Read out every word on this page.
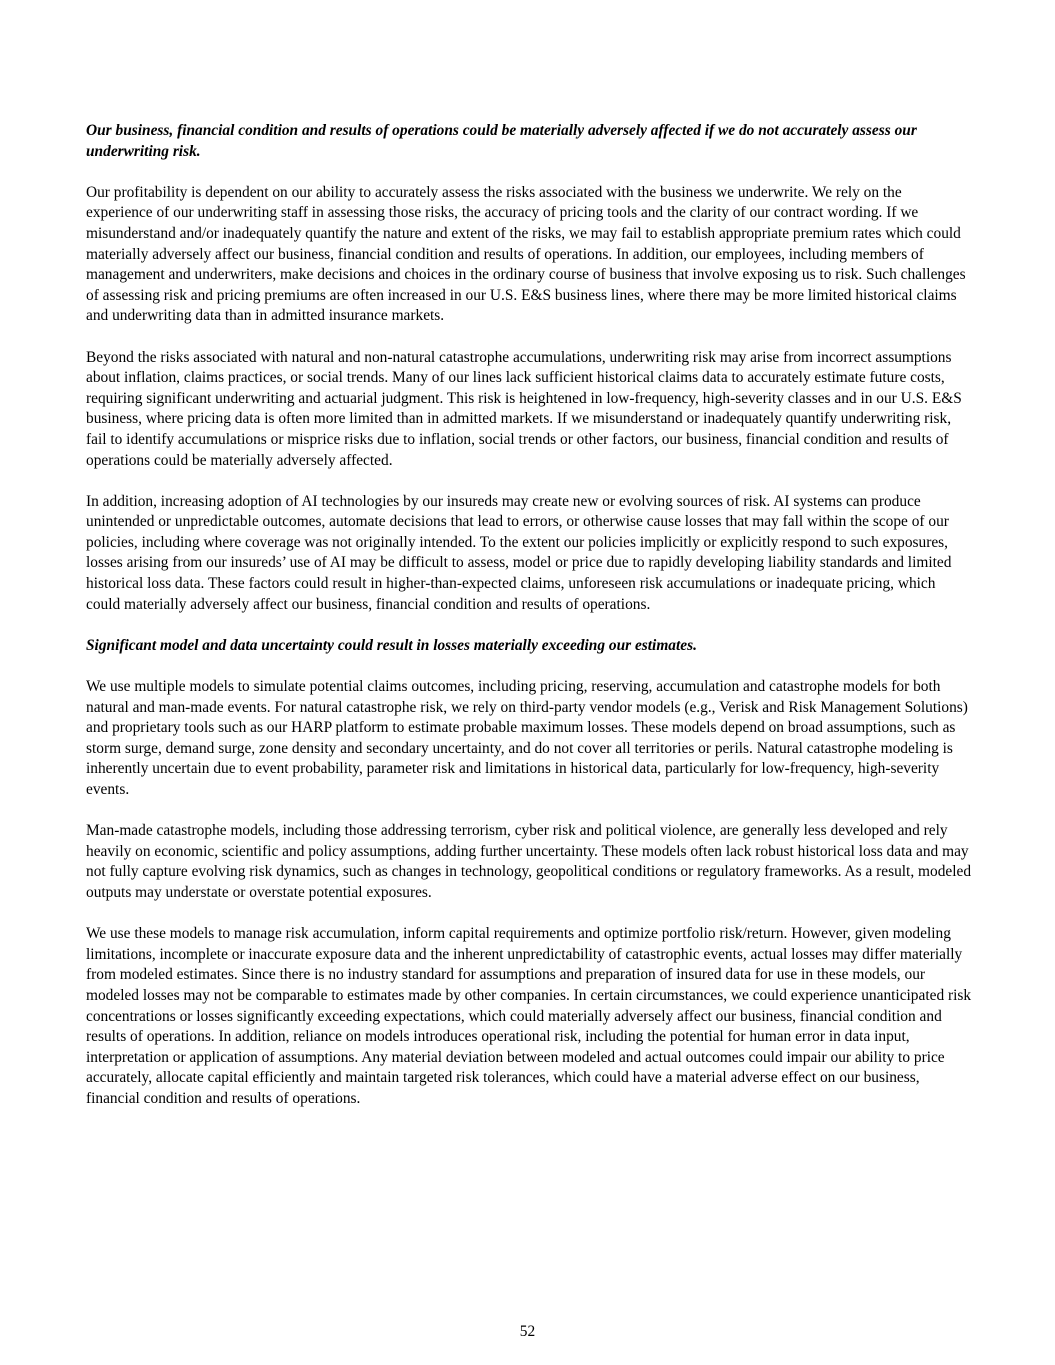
Our business, financial condition and results of operations could be materially adversely affected if we do not accurately assess our underwriting risk.

Our profitability is dependent on our ability to accurately assess the risks associated with the business we underwrite. We rely on the experience of our underwriting staff in assessing those risks, the accuracy of pricing tools and the clarity of our contract wording. If we misunderstand and/or inadequately quantify the nature and extent of the risks, we may fail to establish appropriate premium rates which could materially adversely affect our business, financial condition and results of operations. In addition, our employees, including members of management and underwriters, make decisions and choices in the ordinary course of business that involve exposing us to risk. Such challenges of assessing risk and pricing premiums are often increased in our U.S. E&S business lines, where there may be more limited historical claims and underwriting data than in admitted insurance markets.

Beyond the risks associated with natural and non-natural catastrophe accumulations, underwriting risk may arise from incorrect assumptions about inflation, claims practices, or social trends. Many of our lines lack sufficient historical claims data to accurately estimate future costs, requiring significant underwriting and actuarial judgment. This risk is heightened in low-frequency, high-severity classes and in our U.S. E&S business, where pricing data is often more limited than in admitted markets. If we misunderstand or inadequately quantify underwriting risk, fail to identify accumulations or misprice risks due to inflation, social trends or other factors, our business, financial condition and results of operations could be materially adversely affected.

In addition, increasing adoption of AI technologies by our insureds may create new or evolving sources of risk. AI systems can produce unintended or unpredictable outcomes, automate decisions that lead to errors, or otherwise cause losses that may fall within the scope of our policies, including where coverage was not originally intended. To the extent our policies implicitly or explicitly respond to such exposures, losses arising from our insureds’ use of AI may be difficult to assess, model or price due to rapidly developing liability standards and limited historical loss data. These factors could result in higher-than-expected claims, unforeseen risk accumulations or inadequate pricing, which could materially adversely affect our business, financial condition and results of operations.

Significant model and data uncertainty could result in losses materially exceeding our estimates.

We use multiple models to simulate potential claims outcomes, including pricing, reserving, accumulation and catastrophe models for both natural and man-made events. For natural catastrophe risk, we rely on third-party vendor models (e.g., Verisk and Risk Management Solutions) and proprietary tools such as our HARP platform to estimate probable maximum losses. These models depend on broad assumptions, such as storm surge, demand surge, zone density and secondary uncertainty, and do not cover all territories or perils. Natural catastrophe modeling is inherently uncertain due to event probability, parameter risk and limitations in historical data, particularly for low-frequency, high-severity events.

Man-made catastrophe models, including those addressing terrorism, cyber risk and political violence, are generally less developed and rely heavily on economic, scientific and policy assumptions, adding further uncertainty. These models often lack robust historical loss data and may not fully capture evolving risk dynamics, such as changes in technology, geopolitical conditions or regulatory frameworks. As a result, modeled outputs may understate or overstate potential exposures.

We use these models to manage risk accumulation, inform capital requirements and optimize portfolio risk/return. However, given modeling limitations, incomplete or inaccurate exposure data and the inherent unpredictability of catastrophic events, actual losses may differ materially from modeled estimates. Since there is no industry standard for assumptions and preparation of insured data for use in these models, our modeled losses may not be comparable to estimates made by other companies. In certain circumstances, we could experience unanticipated risk concentrations or losses significantly exceeding expectations, which could materially adversely affect our business, financial condition and results of operations. In addition, reliance on models introduces operational risk, including the potential for human error in data input, interpretation or application of assumptions. Any material deviation between modeled and actual outcomes could impair our ability to price accurately, allocate capital efficiently and maintain targeted risk tolerances, which could have a material adverse effect on our business, financial condition and results of operations.

52
